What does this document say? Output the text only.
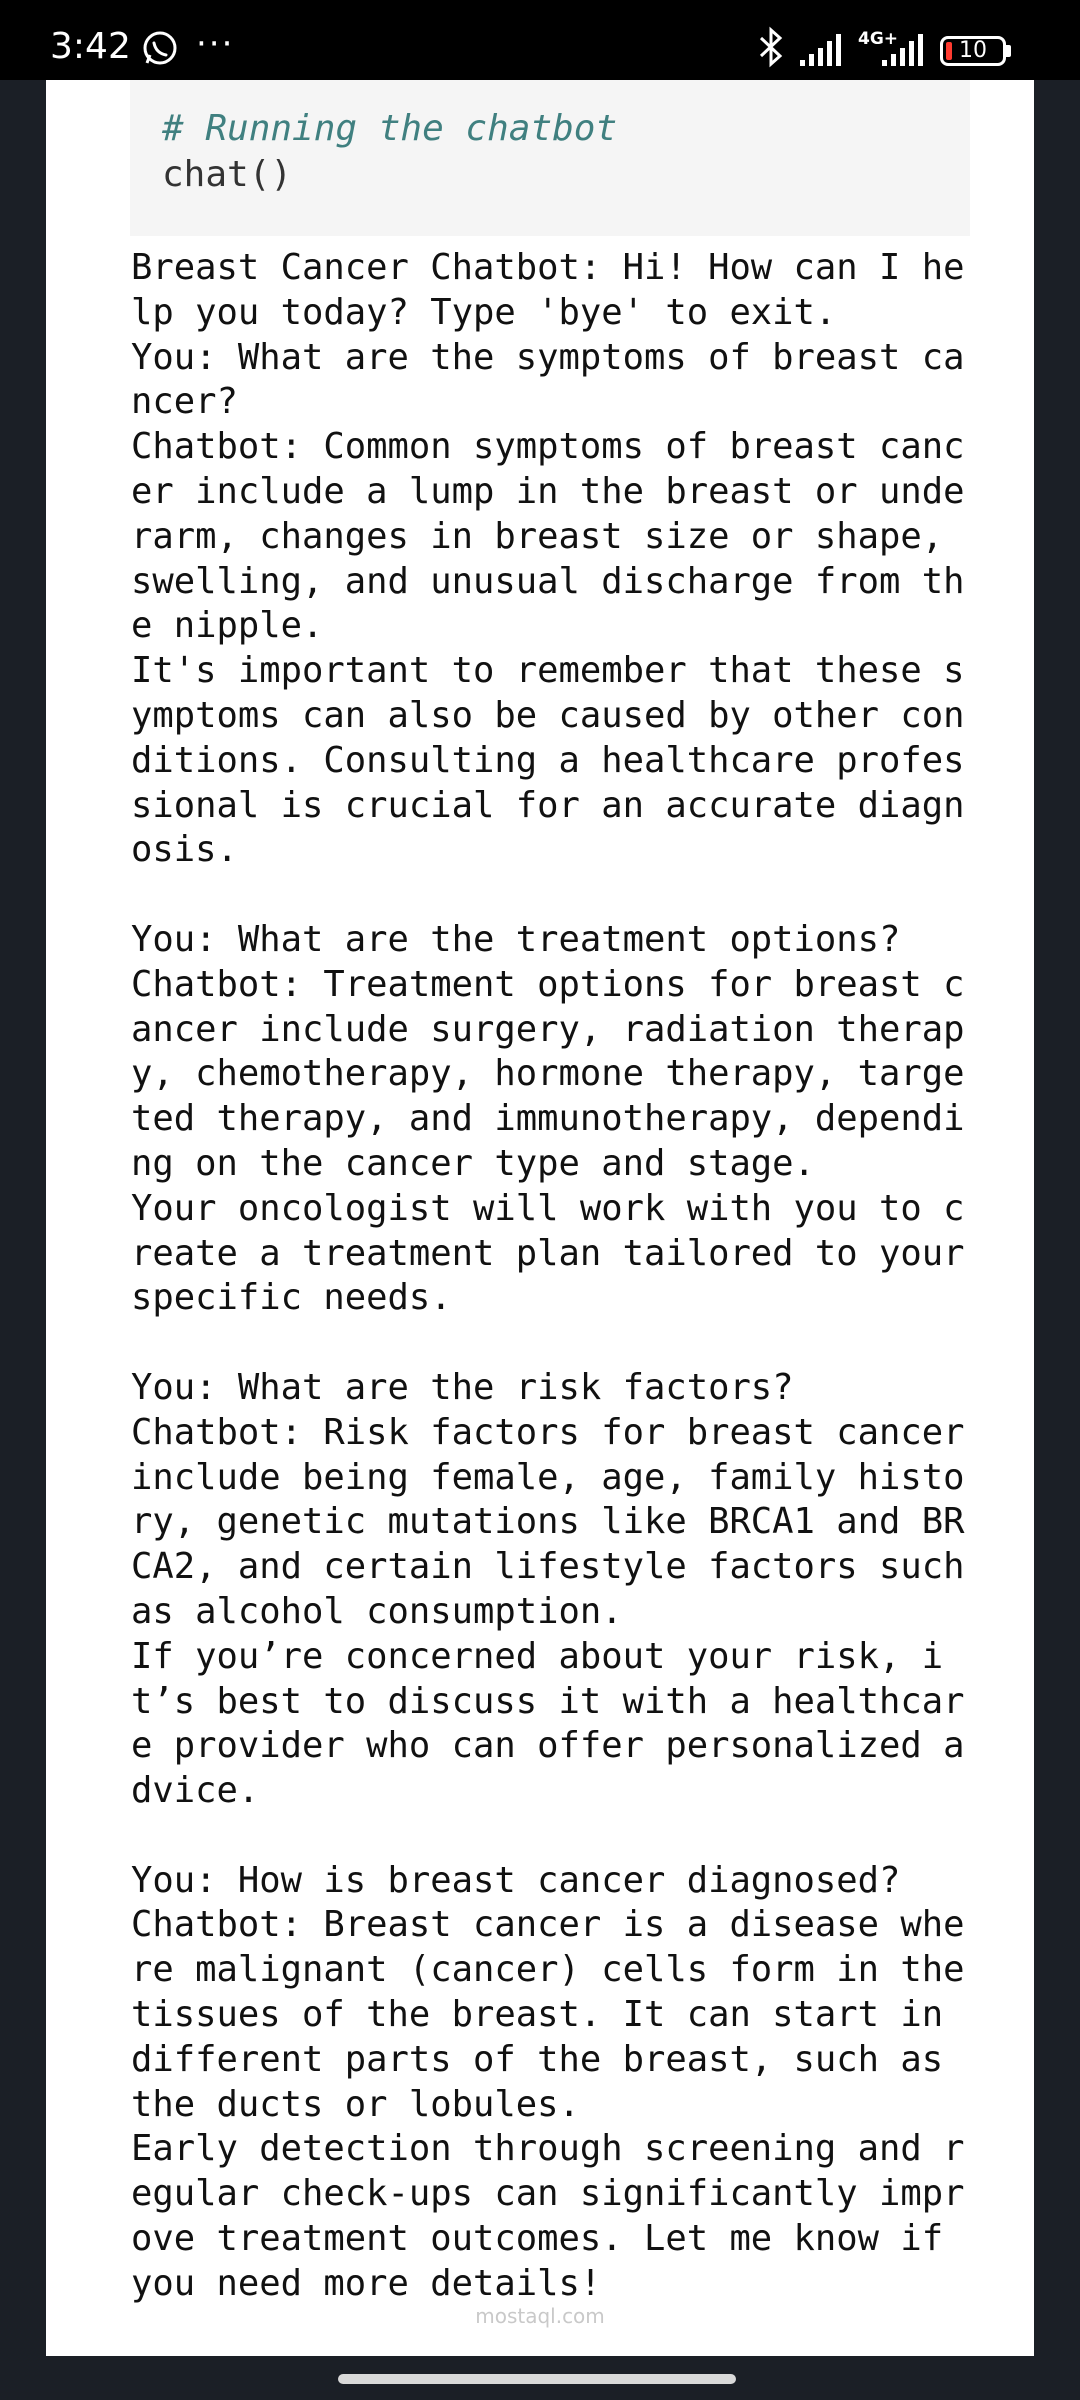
3:42 ···	4G+	10
# Running the chatbot
chat()
Breast Cancer Chatbot: Hi! How can I he
lp you today? Type 'bye' to exit.
You: What are the symptoms of breast ca
ncer?
Chatbot: Common symptoms of breast canc
er include a lump in the breast or unde
rarm, changes in breast size or shape,
swelling, and unusual discharge from th
e nipple.
It's important to remember that these s
ymptoms can also be caused by other con
ditions. Consulting a healthcare profes
sional is crucial for an accurate diagn
osis.

You: What are the treatment options?
Chatbot: Treatment options for breast c
ancer include surgery, radiation therap
y, chemotherapy, hormone therapy, targe
ted therapy, and immunotherapy, dependi
ng on the cancer type and stage.
Your oncologist will work with you to c
reate a treatment plan tailored to your
specific needs.

You: What are the risk factors?
Chatbot: Risk factors for breast cancer
include being female, age, family histo
ry, genetic mutations like BRCA1 and BR
CA2, and certain lifestyle factors such
as alcohol consumption.
If you’re concerned about your risk, i
t’s best to discuss it with a healthcar
e provider who can offer personalized a
dvice.

You: How is breast cancer diagnosed?
Chatbot: Breast cancer is a disease whe
re malignant (cancer) cells form in the
tissues of the breast. It can start in
different parts of the breast, such as
the ducts or lobules.
Early detection through screening and r
egular check-ups can significantly impr
ove treatment outcomes. Let me know if
you need more details!
mostaql.com
